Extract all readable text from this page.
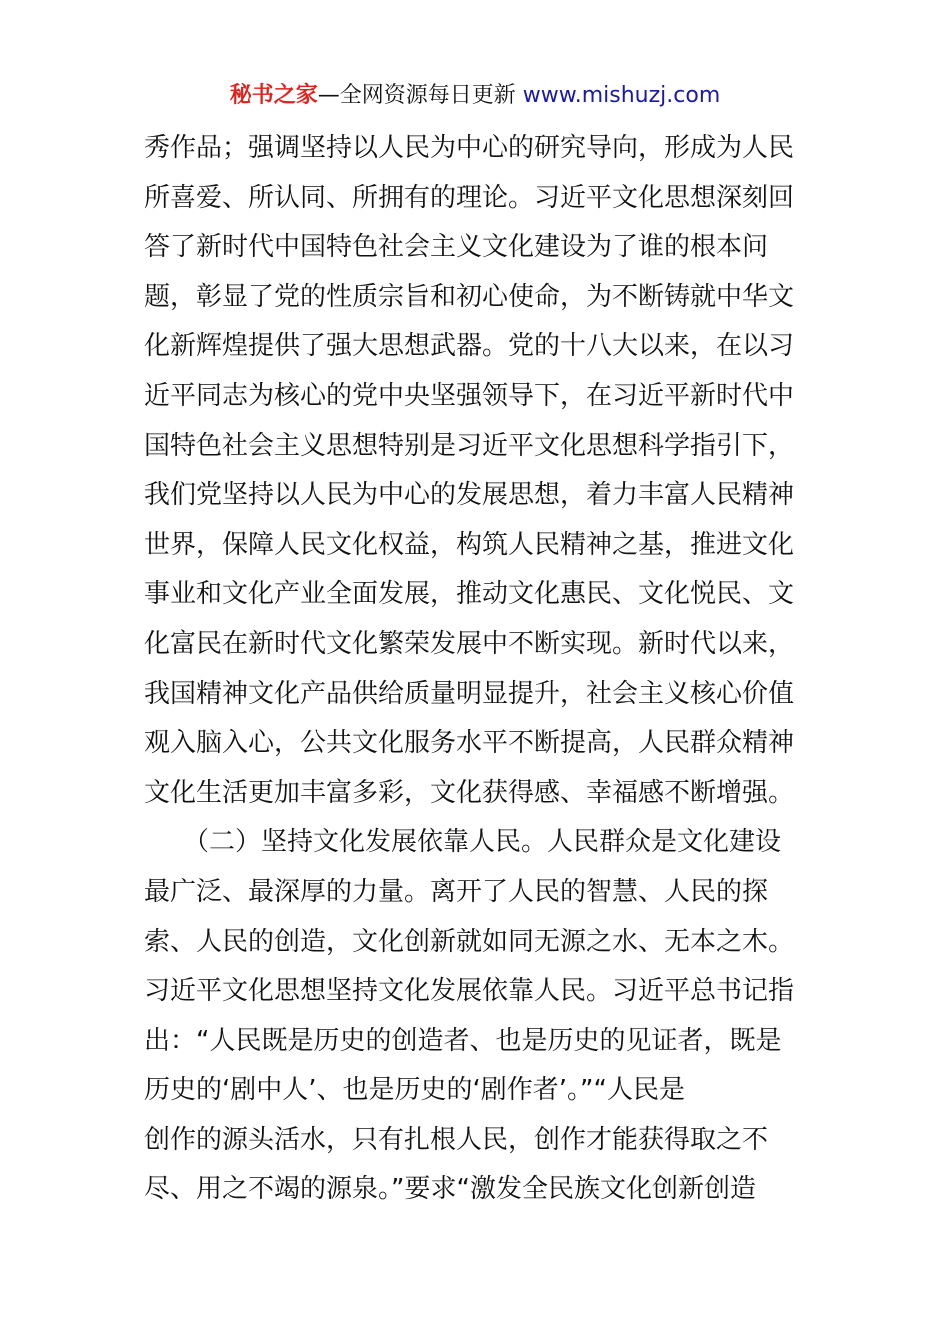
秘书之家—全网资源每日更新 www.mishuzj.com
秀作品；强调坚持以人民为中心的研究导向，形成为人民
所喜爱、所认同、所拥有的理论。习近平文化思想深刻回
答了新时代中国特色社会主义文化建设为了谁的根本问
题，彰显了党的性质宗旨和初心使命，为不断铸就中华文
化新辉煌提供了强大思想武器。党的十八大以来，在以习
近平同志为核心的党中央坚强领导下，在习近平新时代中
国特色社会主义思想特别是习近平文化思想科学指引下，
我们党坚持以人民为中心的发展思想，着力丰富人民精神
世界，保障人民文化权益，构筑人民精神之基，推进文化
事业和文化产业全面发展，推动文化惠民、文化悦民、文
化富民在新时代文化繁荣发展中不断实现。新时代以来，
我国精神文化产品供给质量明显提升，社会主义核心价值
观入脑入心，公共文化服务水平不断提高，人民群众精神
文化生活更加丰富多彩，文化获得感、幸福感不断增强。
　　（二）坚持文化发展依靠人民。人民群众是文化建设
最广泛、最深厚的力量。离开了人民的智慧、人民的探
索、人民的创造，文化创新就如同无源之水、无本之木。
习近平文化思想坚持文化发展依靠人民。习近平总书记指
出：“人民既是历史的创造者、也是历史的见证者，既是
历史的‘剧中人’、也是历史的‘剧作者’。”“人民是
创作的源头活水，只有扎根人民，创作才能获得取之不
尽、用之不竭的源泉。”要求“激发全民族文化创新创造
